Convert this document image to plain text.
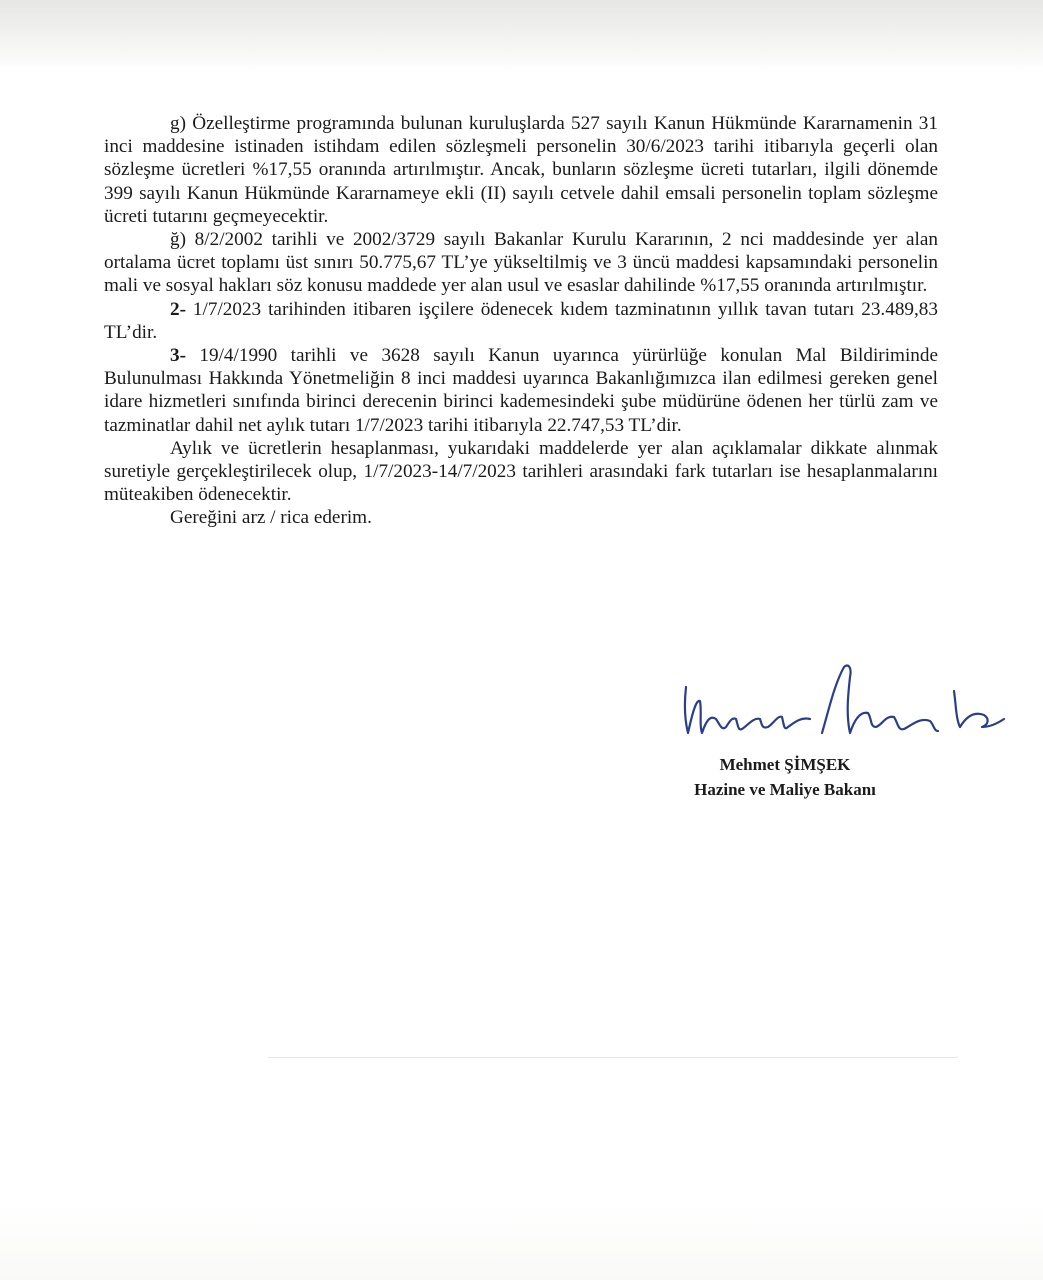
g) Özelleştirme programında bulunan kuruluşlarda 527 sayılı Kanun Hükmünde Kararnamenin 31 inci maddesine istinaden istihdam edilen sözleşmeli personelin 30/6/2023 tarihi itibarıyla geçerli olan sözleşme ücretleri %17,55 oranında artırılmıştır. Ancak, bunların sözleşme ücreti tutarları, ilgili dönemde 399 sayılı Kanun Hükmünde Kararnameye ekli (II) sayılı cetvele dahil emsali personelin toplam sözleşme ücreti tutarını geçmeyecektir.

ğ) 8/2/2002 tarihli ve 2002/3729 sayılı Bakanlar Kurulu Kararının, 2 nci maddesinde yer alan ortalama ücret toplamı üst sınırı 50.775,67 TL’ye yükseltilmiş ve 3 üncü maddesi kapsamındaki personelin mali ve sosyal hakları söz konusu maddede yer alan usul ve esaslar dahilinde %17,55 oranında artırılmıştır.

2- 1/7/2023 tarihinden itibaren işçilere ödenecek kıdem tazminatının yıllık tavan tutarı 23.489,83 TL’dir.

3- 19/4/1990 tarihli ve 3628 sayılı Kanun uyarınca yürürlüğe konulan Mal Bildiriminde Bulunulması Hakkında Yönetmeliğin 8 inci maddesi uyarınca Bakanlığımızca ilan edilmesi gereken genel idare hizmetleri sınıfında birinci derecenin birinci kademesindeki şube müdürüne ödenen her türlü zam ve tazminatlar dahil net aylık tutarı 1/7/2023 tarihi itibarıyla 22.747,53 TL’dir.

Aylık ve ücretlerin hesaplanması, yukarıdaki maddelerde yer alan açıklamalar dikkate alınmak suretiyle gerçekleştirilecek olup, 1/7/2023-14/7/2023 tarihleri arasındaki fark tutarları ise hesaplanmalarını müteakiben ödenecektir.

Gereğini arz / rica ederim.

Mehmet ŞİMŞEK
Hazine ve Maliye Bakanı
